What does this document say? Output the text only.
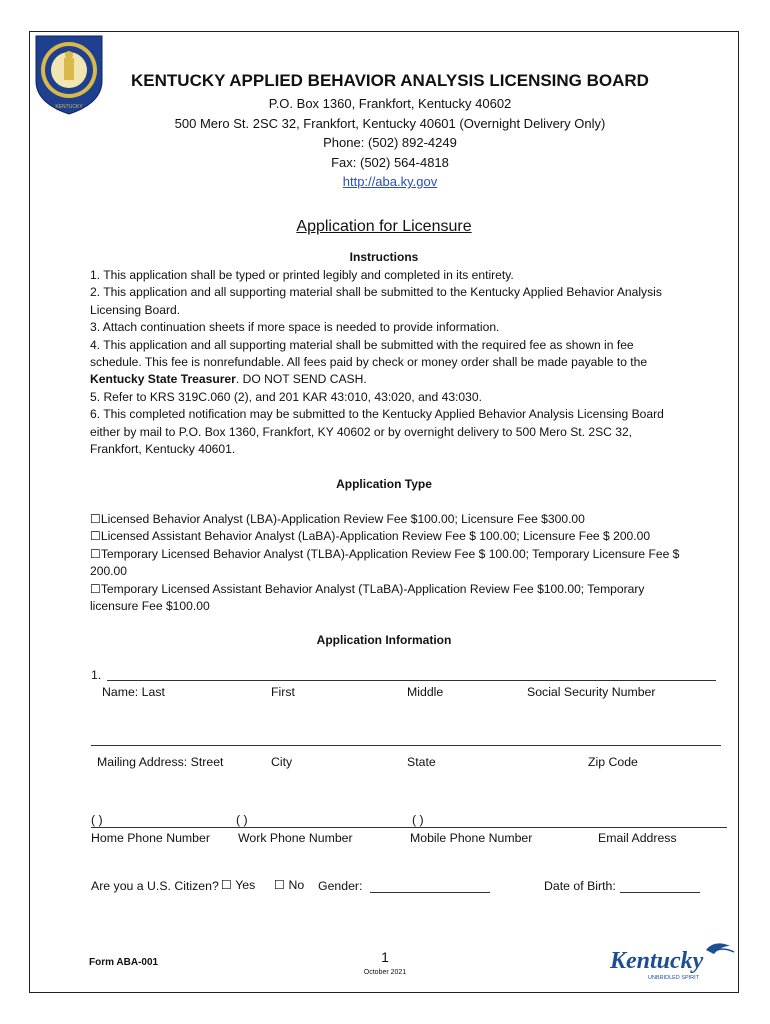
KENTUCKY
KENTUCKY APPLIED BEHAVIOR ANALYSIS LICENSING BOARD
P.O. Box 1360, Frankfort, Kentucky 40602
500 Mero St. 2SC 32, Frankfort, Kentucky 40601 (Overnight Delivery Only)
Phone: (502) 892-4249
Fax: (502) 564-4818
http://aba.ky.gov
Application for Licensure
Instructions
1. This application shall be typed or printed legibly and completed in its entirety.
2. This application and all supporting material shall be submitted to the Kentucky Applied Behavior Analysis Licensing Board.
3. Attach continuation sheets if more space is needed to provide information.
4. This application and all supporting material shall be submitted with the required fee as shown in fee schedule. This fee is nonrefundable. All fees paid by check or money order shall be made payable to the Kentucky State Treasurer. DO NOT SEND CASH.
5. Refer to KRS 319C.060 (2), and 201 KAR 43:010, 43:020, and 43:030.
6. This completed notification may be submitted to the Kentucky Applied Behavior Analysis Licensing Board either by mail to P.O. Box 1360, Frankfort, KY 40602 or by overnight delivery to 500 Mero St. 2SC 32, Frankfort, Kentucky 40601.
Application Type
☐Licensed Behavior Analyst (LBA)-Application Review Fee $100.00; Licensure Fee $300.00
☐Licensed Assistant Behavior Analyst (LaBA)-Application Review Fee $ 100.00; Licensure Fee $ 200.00
☐Temporary Licensed Behavior Analyst (TLBA)-Application Review Fee $ 100.00; Temporary Licensure Fee $ 200.00
☐Temporary Licensed Assistant Behavior Analyst (TLaBA)-Application Review Fee $100.00; Temporary licensure Fee $100.00
Application Information
1.
Name: Last	First	Middle	Social Security Number
Mailing Address: Street	City	State	Zip Code
( )	( )	( )
Home Phone Number Work Phone Number	Mobile Phone Number	Email Address
Are you a U.S. Citizen? ☐ Yes ☐ No Gender:	Date of Birth:
Form ABA-001	1
October 2021	Kentucky
UNBRIDLED SPIRIT
